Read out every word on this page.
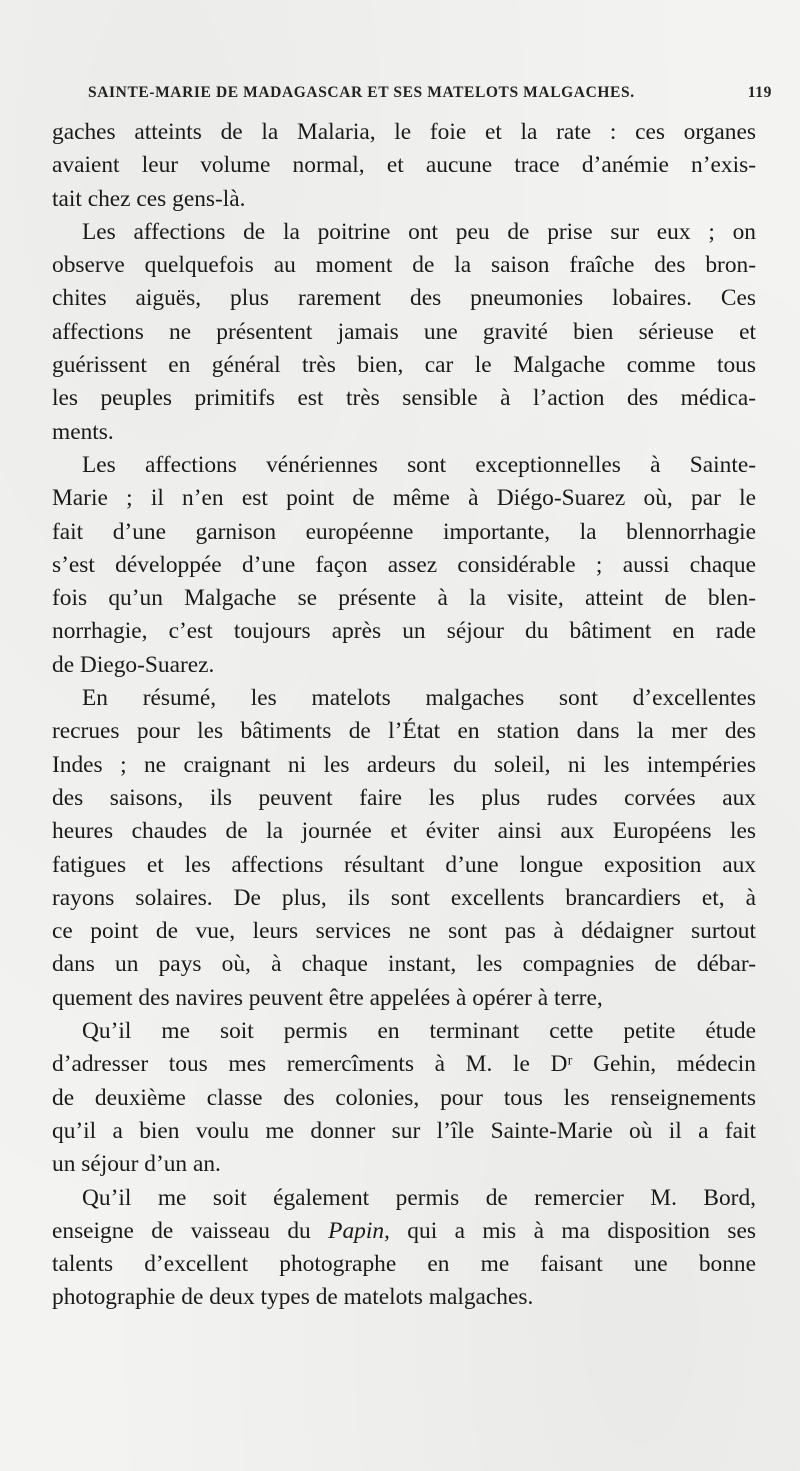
SAINTE-MARIE DE MADAGASCAR ET SES MATELOTS MALGACHES.	119
gaches atteints de la Malaria, le foie et la rate : ces organes
avaient leur volume normal, et aucune trace d’anémie n’exis-
tait chez ces gens-là.
Les affections de la poitrine ont peu de prise sur eux ; on
observe quelquefois au moment de la saison fraîche des bron-
chites aiguës, plus rarement des pneumonies lobaires. Ces
affections ne présentent jamais une gravité bien sérieuse et
guérissent en général très bien, car le Malgache comme tous
les peuples primitifs est très sensible à l’action des médica-
ments.
Les affections vénériennes sont exceptionnelles à Sainte-
Marie ; il n’en est point de même à Diégo-Suarez où, par le
fait d’une garnison européenne importante, la blennorrhagie
s’est développée d’une façon assez considérable ; aussi chaque
fois qu’un Malgache se présente à la visite, atteint de blen-
norrhagie, c’est toujours après un séjour du bâtiment en rade
de Diego-Suarez.
En résumé, les matelots malgaches sont d’excellentes
recrues pour les bâtiments de l’État en station dans la mer des
Indes ; ne craignant ni les ardeurs du soleil, ni les intempéries
des saisons, ils peuvent faire les plus rudes corvées aux
heures chaudes de la journée et éviter ainsi aux Européens les
fatigues et les affections résultant d’une longue exposition aux
rayons solaires. De plus, ils sont excellents brancardiers et, à
ce point de vue, leurs services ne sont pas à dédaigner surtout
dans un pays où, à chaque instant, les compagnies de débar-
quement des navires peuvent être appelées à opérer à terre,
Qu’il me soit permis en terminant cette petite étude
d’adresser tous mes remercîments à M. le Dʳ Gehin, médecin
de deuxième classe des colonies, pour tous les renseignements
qu’il a bien voulu me donner sur l’île Sainte-Marie où il a fait
un séjour d’un an.
Qu’il me soit également permis de remercier M. Bord,
enseigne de vaisseau du Papin, qui a mis à ma disposition ses
talents d’excellent photographe en me faisant une bonne
photographie de deux types de matelots malgaches.
